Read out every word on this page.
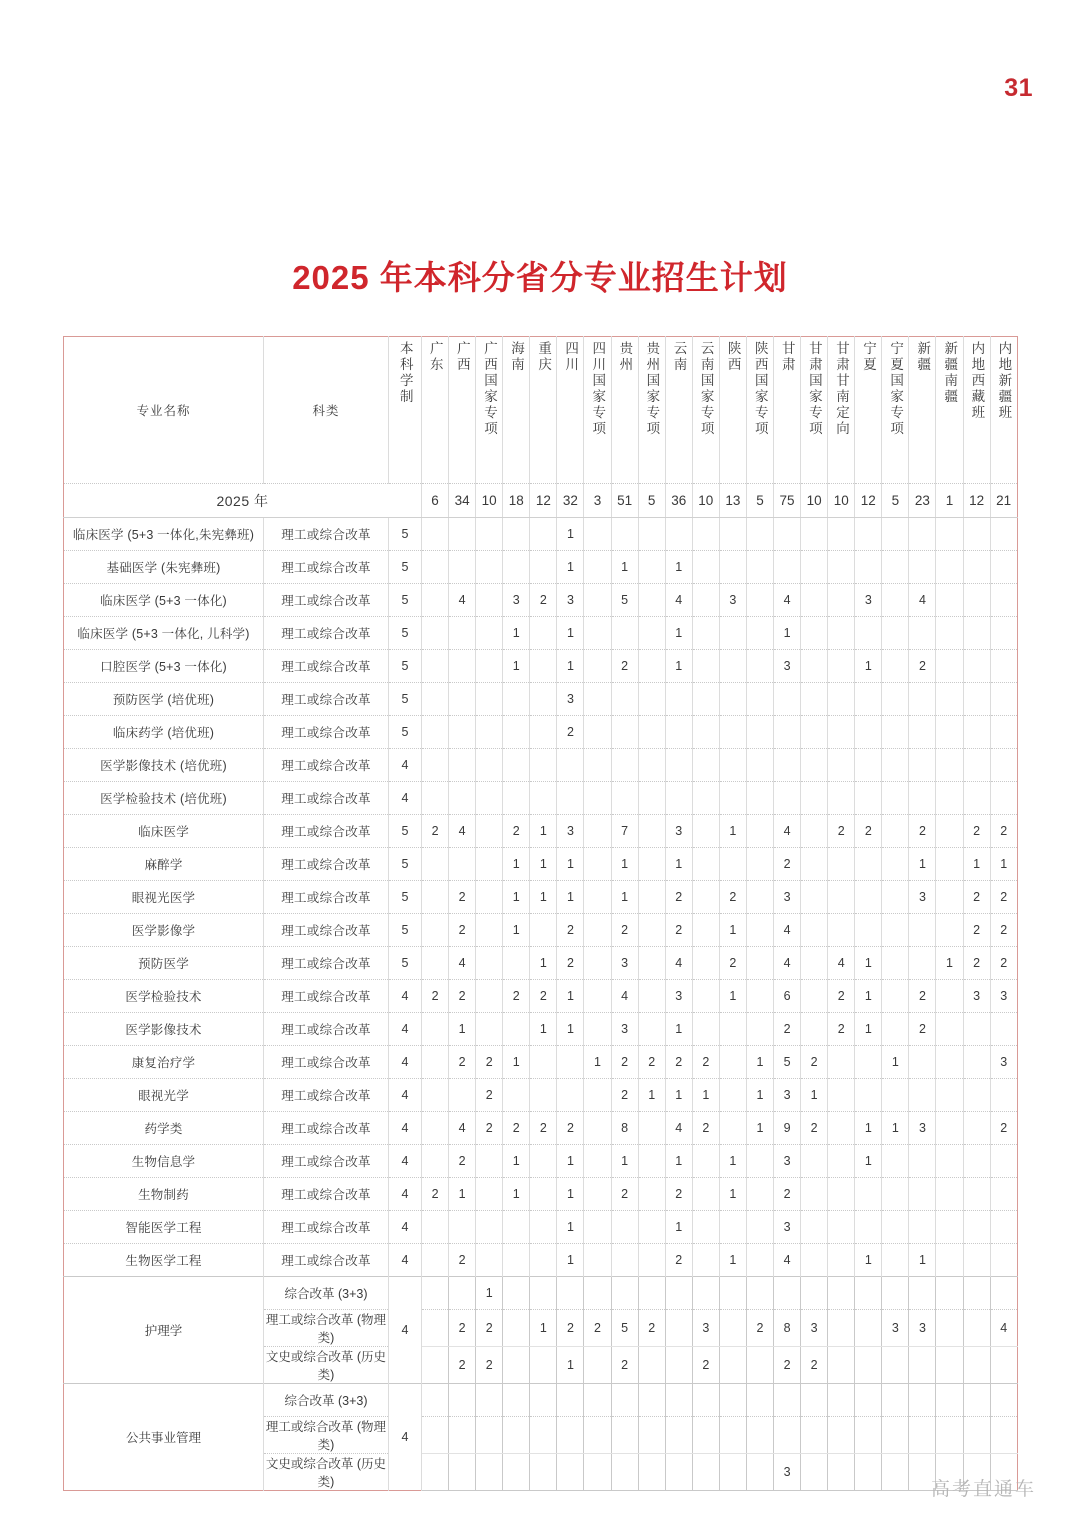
31
2025 年本科分省分专业招生计划
专业名称	科类	本科学制	广东	广西	广西国家专项	海南	重庆	四川	四川国家专项	贵州	贵州国家专项	云南	云南国家专项	陕西	陕西国家专项	甘肃	甘肃国家专项	甘肃甘南定向	宁夏	宁夏国家专项	新疆	新疆南疆	内地西藏班	内地新疆班

2025 年			6	34	10	18	12	32	3	51	5	36	10	13	5	75	10	10	12	5	23	1	12	21
临床医学 (5+3 一体化,朱宪彝班)	理工或综合改革	5						1																
基础医学 (朱宪彝班)	理工或综合改革	5						1		1		1												
临床医学 (5+3 一体化)	理工或综合改革	5		4		3	2	3		5		4		3		4			3		4			
临床医学 (5+3 一体化, 儿科学)	理工或综合改革	5				1		1				1				1								
口腔医学 (5+3 一体化)	理工或综合改革	5				1		1		2		1				3			1		2			
预防医学 (培优班)	理工或综合改革	5						3																
临床药学 (培优班)	理工或综合改革	5						2																
医学影像技术 (培优班)	理工或综合改革	4																						
医学检验技术 (培优班)	理工或综合改革	4																						
临床医学	理工或综合改革	5	2	4		2	1	3		7		3		1		4		2	2		2		2	2
麻醉学	理工或综合改革	5				1	1	1		1		1				2					1		1	1
眼视光医学	理工或综合改革	5		2		1	1	1		1		2		2		3					3		2	2
医学影像学	理工或综合改革	5		2		1		2		2		2		1		4							2	2
预防医学	理工或综合改革	5		4			1	2		3		4		2		4		4	1			1	2	2
医学检验技术	理工或综合改革	4	2	2		2	2	1		4		3		1		6		2	1		2		3	3
医学影像技术	理工或综合改革	4		1			1	1		3		1				2		2	1		2			
康复治疗学	理工或综合改革	4		2	2	1			1	2	2	2	2		1	5	2			1				3
眼视光学	理工或综合改革	4			2					2	1	1	1		1	3	1							
药学类	理工或综合改革	4		4	2	2	2	2		8		4	2		1	9	2		1	1	3			2
生物信息学	理工或综合改革	4		2		1		1		1		1		1		3			1					
生物制药	理工或综合改革	4	2	1		1		1		2		2		1		2								
智能医学工程	理工或综合改革	4						1				1				3								
生物医学工程	理工或综合改革	4		2				1				2		1		4			1		1			
护理学	综合改革 (3+3)	4			1																			
	理工或综合改革 (物理类)			2	2		1	2	2	5	2		3		2	8	3			3	3			4
	文史或综合改革 (历史类)			2	2			1		2			2			2	2							
公共事业管理	综合改革 (3+3)	4																						
	理工或综合改革 (物理类)																							
	文史或综合改革 (历史类)															3								
高考直通车
